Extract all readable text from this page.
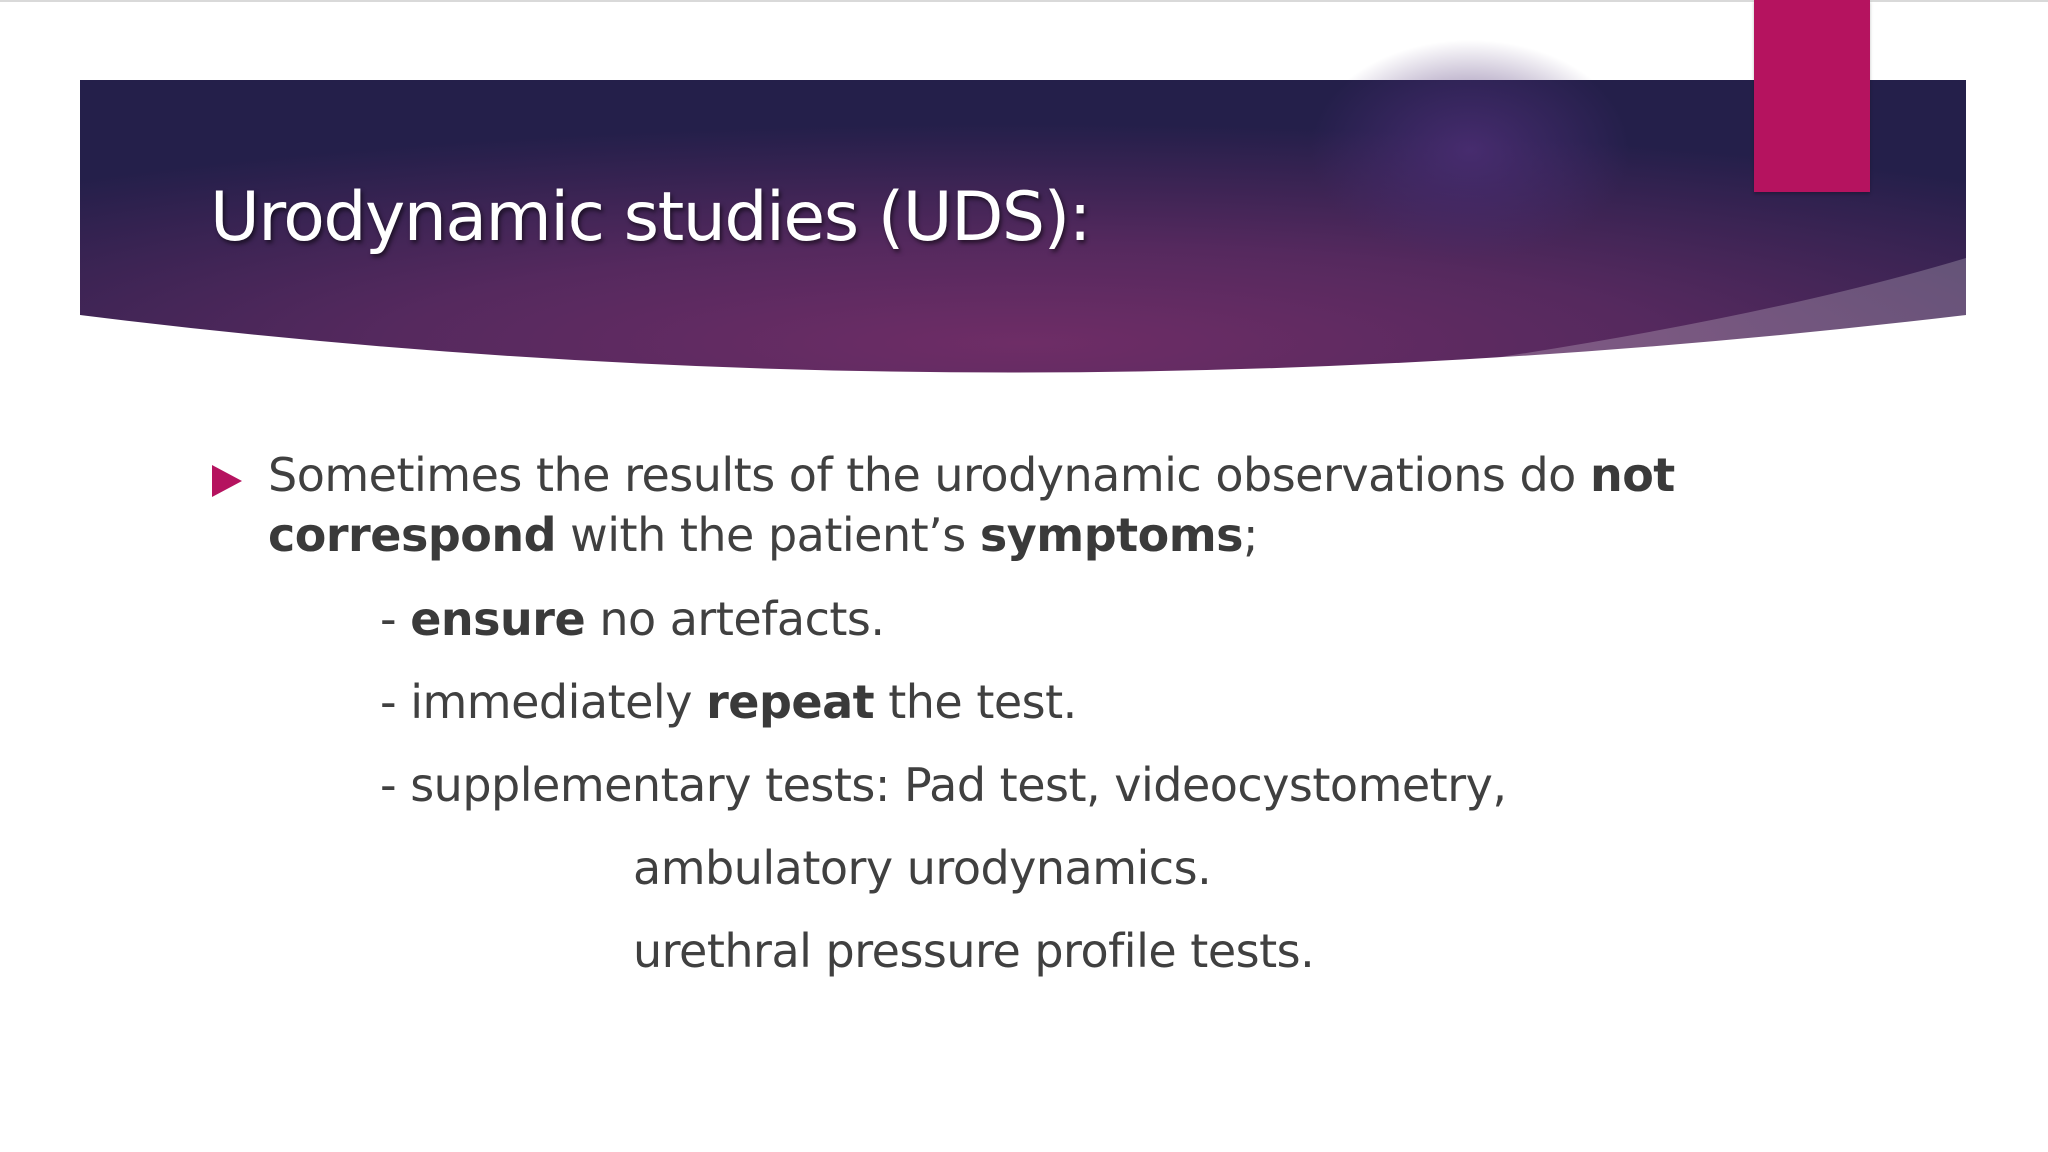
Urodynamic studies (UDS):

Sometimes the results of the urodynamic observations do not

correspond with the patient’s symptoms;

- ensure no artefacts.

- immediately repeat the test.

- supplementary tests: Pad test, videocystometry,

ambulatory urodynamics.

urethral pressure profile tests.
